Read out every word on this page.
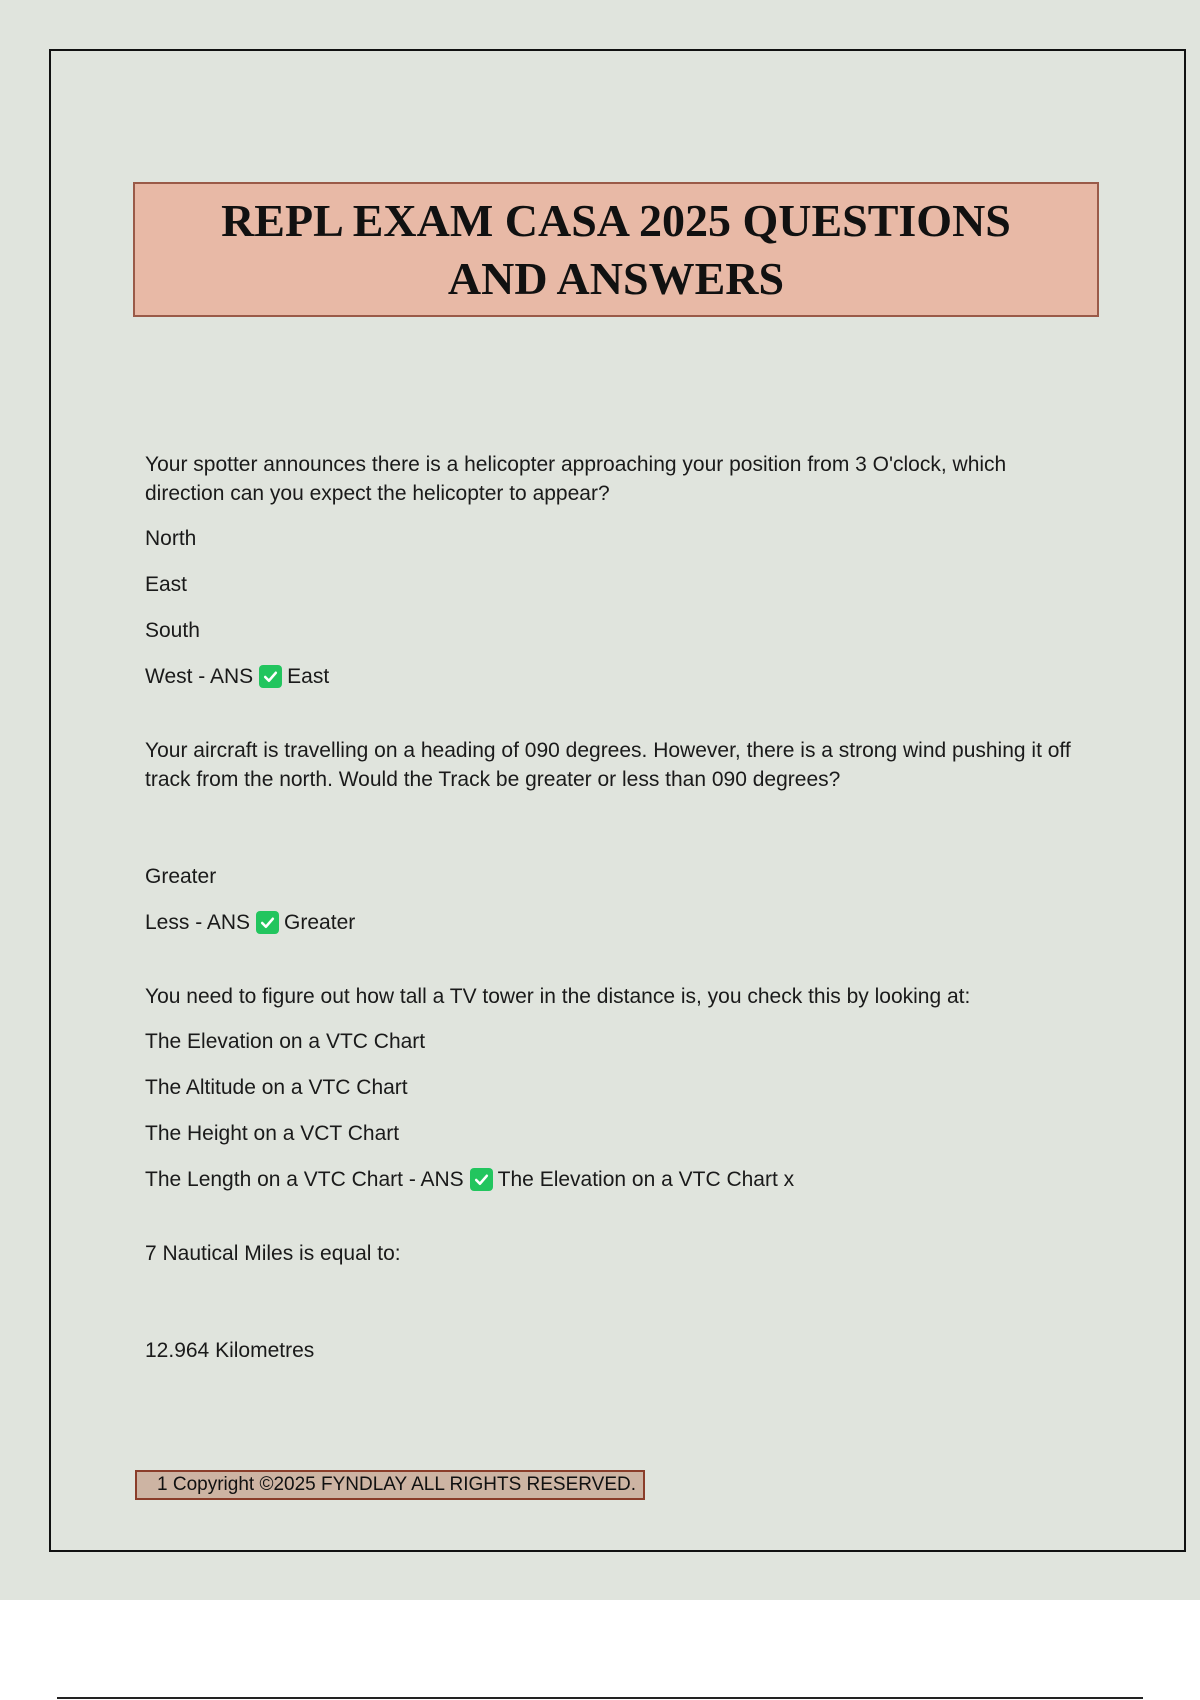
REPL EXAM CASA 2025 QUESTIONS AND ANSWERS

Your spotter announces there is a helicopter approaching your position from 3 O'clock, which direction can you expect the helicopter to appear?

North

East

South

West - ANS East

Your aircraft is travelling on a heading of 090 degrees. However, there is a strong wind pushing it off track from the north. Would the Track be greater or less than 090 degrees?

Greater

Less - ANS Greater

You need to figure out how tall a TV tower in the distance is, you check this by looking at:

The Elevation on a VTC Chart

The Altitude on a VTC Chart

The Height on a VCT Chart

The Length on a VTC Chart - ANS The Elevation on a VTC Chart x

7 Nautical Miles is equal to:

12.964 Kilometres

1 Copyright ©2025 FYNDLAY ALL RIGHTS RESERVED.
